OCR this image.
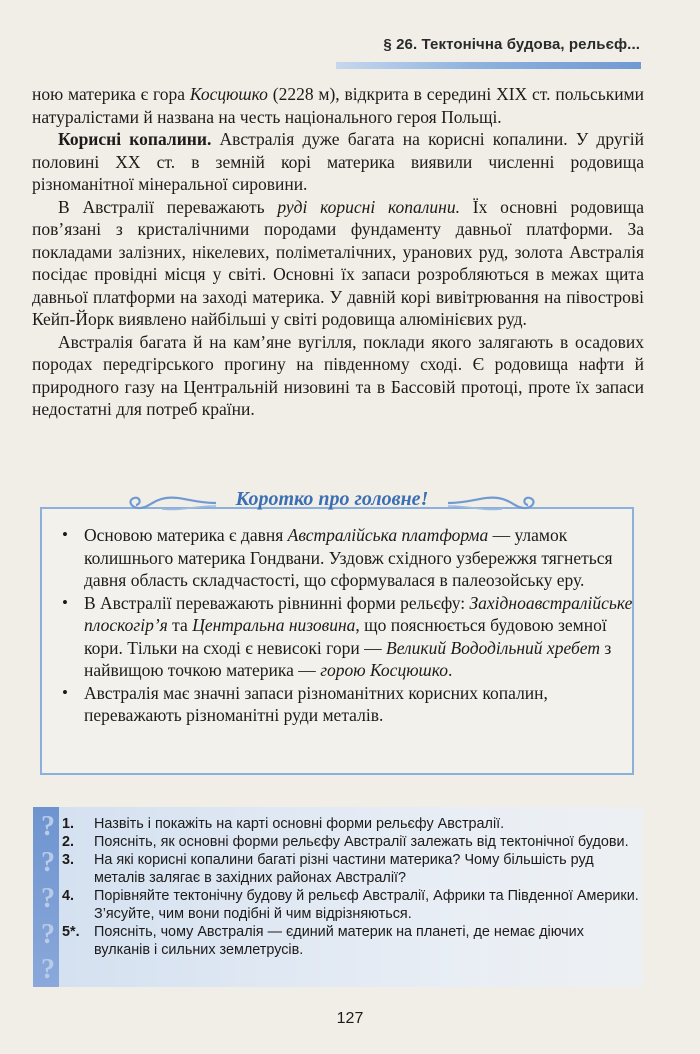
§ 26. Тектонічна будова, рельєф...

ною материка є гора Косцюшко (2228 м), відкрита в середині XIX ст. польськими натуралістами й названа на честь національного героя Польщі.

Корисні копалини. Австралія дуже багата на корисні копалини. У другій половині XX ст. в земній корі материка виявили численні родовища різноманітної мінеральної сировини.

В Австралії переважають руді корисні копалини. Їх основні родовища пов’язані з кристалічними породами фундаменту давньої платформи. За покладами залізних, нікелевих, поліметалічних, уранових руд, золота Австралія посідає провідні місця у світі. Основні їх запаси розробляються в межах щита давньої платформи на заході материка. У давній корі вивітрювання на півострові Кейп-Йорк виявлено найбільші у світі родовища алюмінієвих руд.

Австралія багата й на кам’яне вугілля, поклади якого залягають в осадових породах передгірського прогину на південному сході. Є родовища нафти й природного газу на Центральній низовині та в Бассовій протоці, проте їх запаси недостатні для потреб країни.

Коротко про головне!
• Основою материка є давня Австралійська платформа — уламок колишнього материка Гондвани. Уздовж східного узбережжя тягнеться давня область складчастості, що сформувалася в палеозойську еру.
• В Австралії переважають рівнинні форми рельєфу: Західноавстралійське плоскогір’я та Центральна низовина, що пояснюється будовою земної кори. Тільки на сході є невисокі гори — Великий Вододільний хребет з найвищою точкою материка — горою Косцюшко.
• Австралія має значні запаси різноманітних корисних копалин, переважають різноманітні руди металів.
?
?
?
?
?
1. Назвіть і покажіть на карті основні форми рельєфу Австралії.
2. Поясніть, як основні форми рельєфу Австралії залежать від тектонічної будови.
3. На які корисні копалини багаті різні частини материка? Чому більшість руд металів залягає в західних районах Австралії?
4. Порівняйте тектонічну будову й рельєф Австралії, Африки та Південної Америки. З’ясуйте, чим вони подібні й чим відрізняються.
5*. Поясніть, чому Австралія — єдиний материк на планеті, де немає діючих вулканів і сильних землетрусів.
127
